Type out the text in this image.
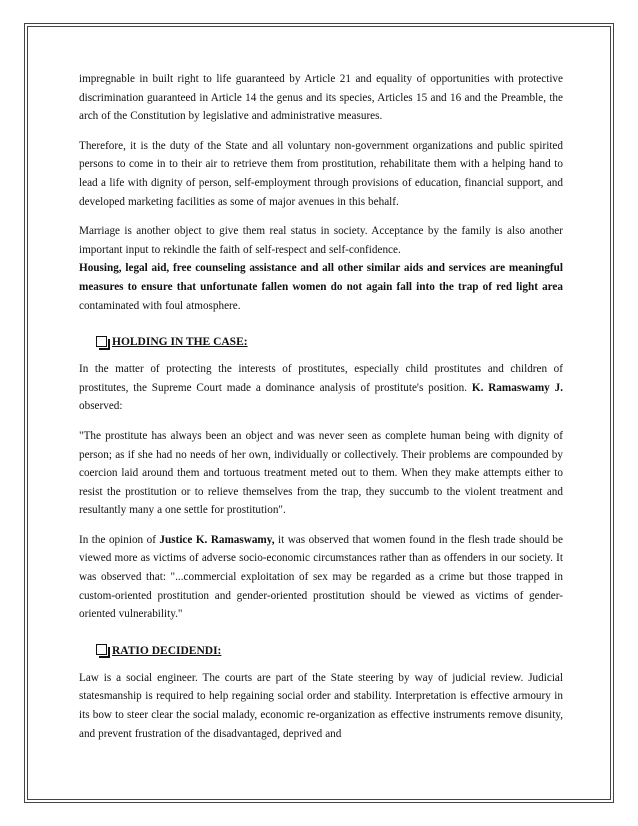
impregnable in built right to life guaranteed by Article 21 and equality of opportunities with protective discrimination guaranteed in Article 14 the genus and its species, Articles 15 and 16 and the Preamble, the arch of the Constitution by legislative and administrative measures.

Therefore, it is the duty of the State and all voluntary non-government organizations and public spirited persons to come in to their air to retrieve them from prostitution, rehabilitate them with a helping hand to lead a life with dignity of person, self-employment through provisions of education, financial support, and developed marketing facilities as some of major avenues in this behalf.

Marriage is another object to give them real status in society. Acceptance by the family is also another important input to rekindle the faith of self-respect and self-confidence.

Housing, legal aid, free counseling assistance and all other similar aids and services are meaningful measures to ensure that unfortunate fallen women do not again fall into the trap of red light area contaminated with foul atmosphere.

HOLDING IN THE CASE:

In the matter of protecting the interests of prostitutes, especially child prostitutes and children of prostitutes, the Supreme Court made a dominance analysis of prostitute's position. K. Ramaswamy J. observed:

"The prostitute has always been an object and was never seen as complete human being with dignity of person; as if she had no needs of her own, individually or collectively. Their problems are compounded by coercion laid around them and tortuous treatment meted out to them. When they make attempts either to resist the prostitution or to relieve themselves from the trap, they succumb to the violent treatment and resultantly many a one settle for prostitution".

In the opinion of Justice K. Ramaswamy, it was observed that women found in the flesh trade should be viewed more as victims of adverse socio-economic circumstances rather than as offenders in our society. It was observed that: "...commercial exploitation of sex may be regarded as a crime but those trapped in custom-oriented prostitution and gender-oriented prostitution should be viewed as victims of gender-oriented vulnerability."

RATIO DECIDENDI:

Law is a social engineer. The courts are part of the State steering by way of judicial review. Judicial statesmanship is required to help regaining social order and stability. Interpretation is effective armoury in its bow to steer clear the social malady, economic re-organization as effective instruments remove disunity, and prevent frustration of the disadvantaged, deprived and
